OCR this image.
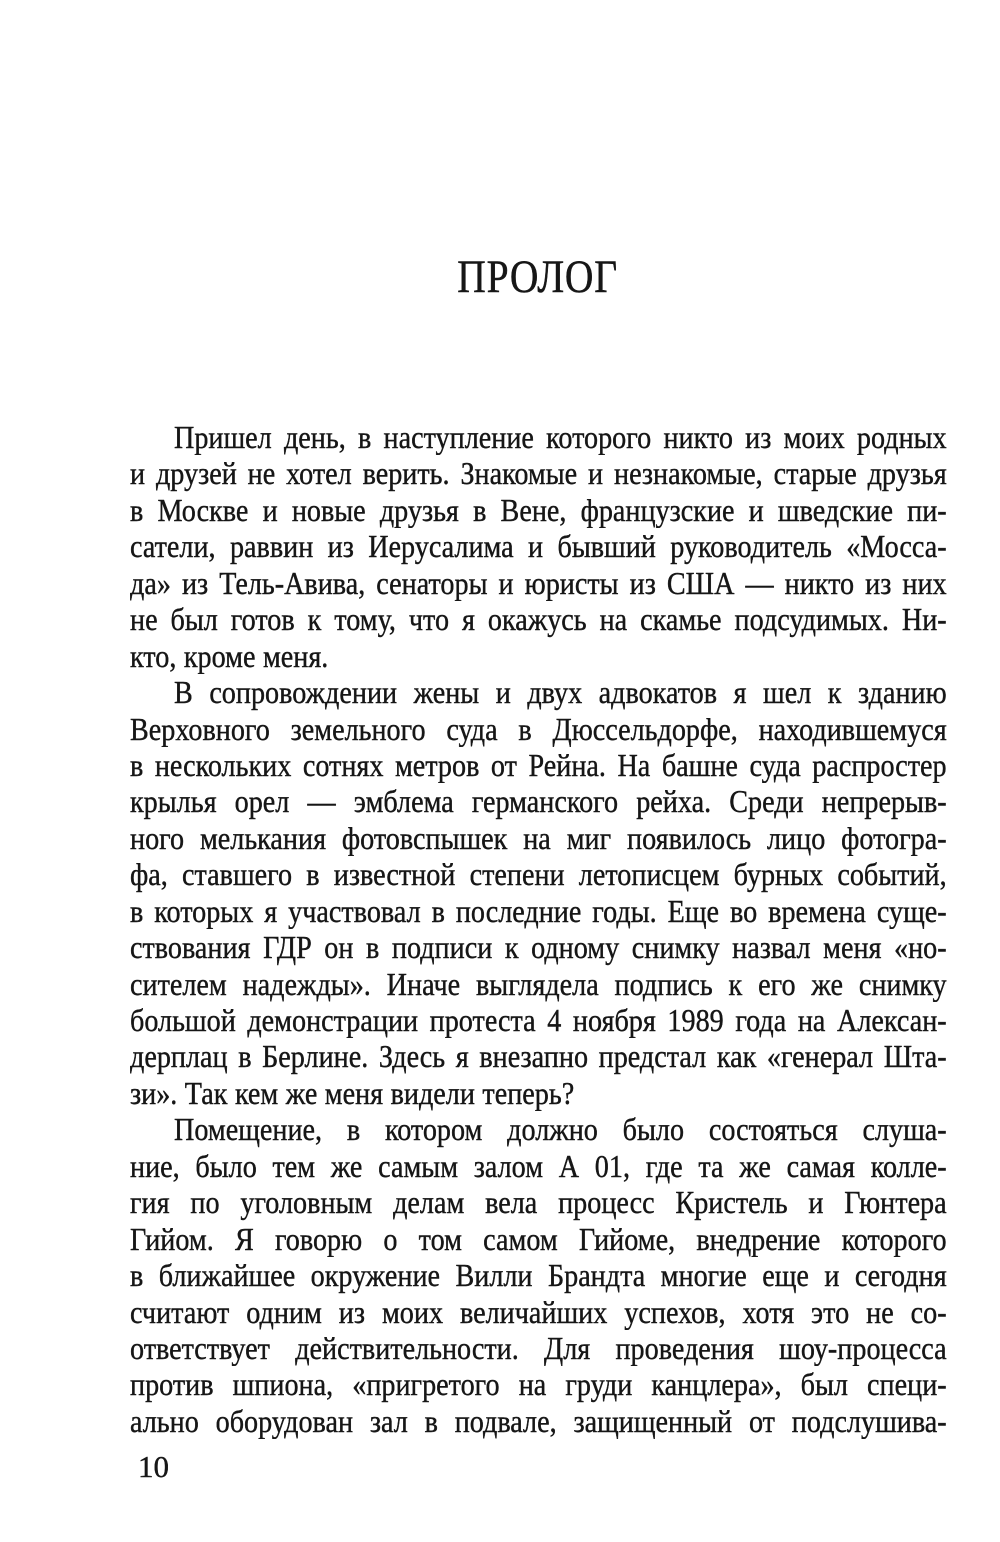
ПРОЛОГ
Пришел день, в наступление которого никто из моих родных
и друзей не хотел верить. Знакомые и незнакомые, старые друзья
в Москве и новые друзья в Вене, французские и шведские пи-
сатели, раввин из Иерусалима и бывший руководитель «Мосса-
да» из Тель-Авива, сенаторы и юристы из США — никто из них
не был готов к тому, что я окажусь на скамье подсудимых. Ни-
кто, кроме меня.
В сопровождении жены и двух адвокатов я шел к зданию
Верховного земельного суда в Дюссельдорфе, находившемуся
в нескольких сотнях метров от Рейна. На башне суда распростер
крылья орел — эмблема германского рейха. Среди непрерыв-
ного мелькания фотовспышек на миг появилось лицо фотогра-
фа, ставшего в известной степени летописцем бурных событий,
в которых я участвовал в последние годы. Еще во времена суще-
ствования ГДР он в подписи к одному снимку назвал меня «но-
сителем надежды». Иначе выглядела подпись к его же снимку
большой демонстрации протеста 4 ноября 1989 года на Алексан-
дерплац в Берлине. Здесь я внезапно предстал как «генерал Шта-
зи». Так кем же меня видели теперь?
Помещение, в котором должно было состояться слуша-
ние, было тем же самым залом А 01, где та же самая колле-
гия по уголовным делам вела процесс Кристель и Гюнтера
Гийом. Я говорю о том самом Гийоме, внедрение которого
в ближайшее окружение Вилли Брандта многие еще и сегодня
считают одним из моих величайших успехов, хотя это не со-
ответствует действительности. Для проведения шоу-процесса
против шпиона, «пригретого на груди канцлера», был специ-
ально оборудован зал в подвале, защищенный от подслушива-
10
